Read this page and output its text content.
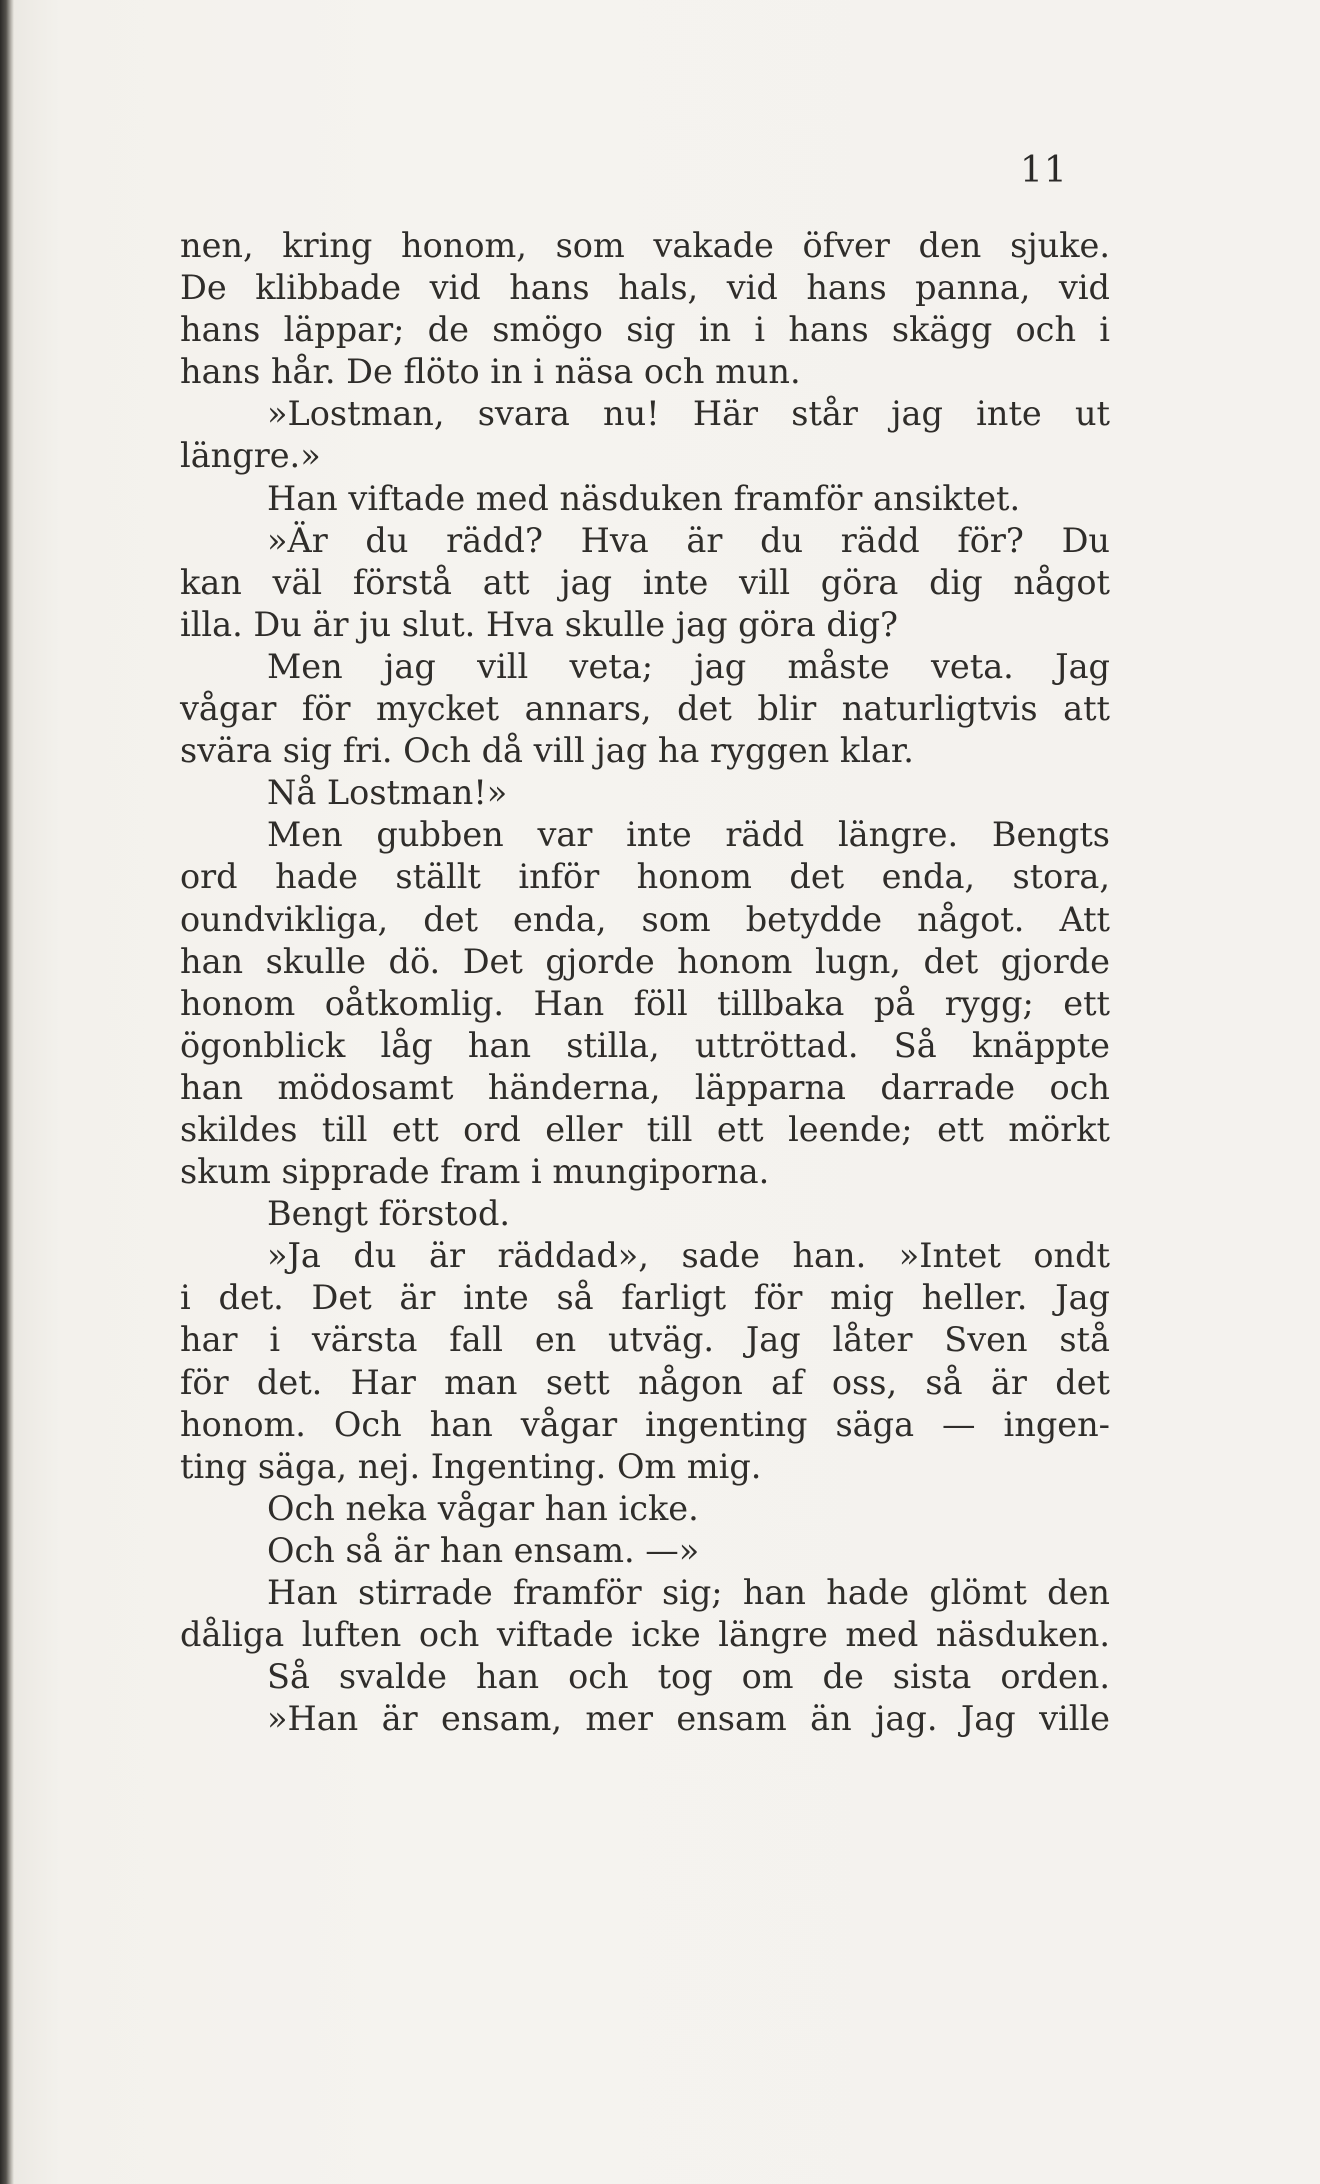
11
nen, kring honom, som vakade öfver den sjuke.
De klibbade vid hans hals, vid hans panna, vid
hans läppar; de smögo sig in i hans skägg och i
hans hår. De flöto in i näsa och mun.
»Lostman, svara nu! Här står jag inte ut
längre.»
Han viftade med näsduken framför ansiktet.
»Är du rädd? Hva är du rädd för? Du
kan väl förstå att jag inte vill göra dig något
illa. Du är ju slut. Hva skulle jag göra dig?
Men jag vill veta; jag måste veta. Jag
vågar för mycket annars, det blir naturligtvis att
svära sig fri. Och då vill jag ha ryggen klar.
Nå Lostman!»
Men gubben var inte rädd längre. Bengts
ord hade ställt inför honom det enda, stora,
oundvikliga, det enda, som betydde något. Att
han skulle dö. Det gjorde honom lugn, det gjorde
honom oåtkomlig. Han föll tillbaka på rygg; ett
ögonblick låg han stilla, uttröttad. Så knäppte
han mödosamt händerna, läpparna darrade och
skildes till ett ord eller till ett leende; ett mörkt
skum sipprade fram i mungiporna.
Bengt förstod.
»Ja du är räddad», sade han. »Intet ondt
i det. Det är inte så farligt för mig heller. Jag
har i värsta fall en utväg. Jag låter Sven stå
för det. Har man sett någon af oss, så är det
honom. Och han vågar ingenting säga — ingen-
ting säga, nej. Ingenting. Om mig.
Och neka vågar han icke.
Och så är han ensam. —»
Han stirrade framför sig; han hade glömt den
dåliga luften och viftade icke längre med näsduken.
Så svalde han och tog om de sista orden.
»Han är ensam, mer ensam än jag. Jag ville
